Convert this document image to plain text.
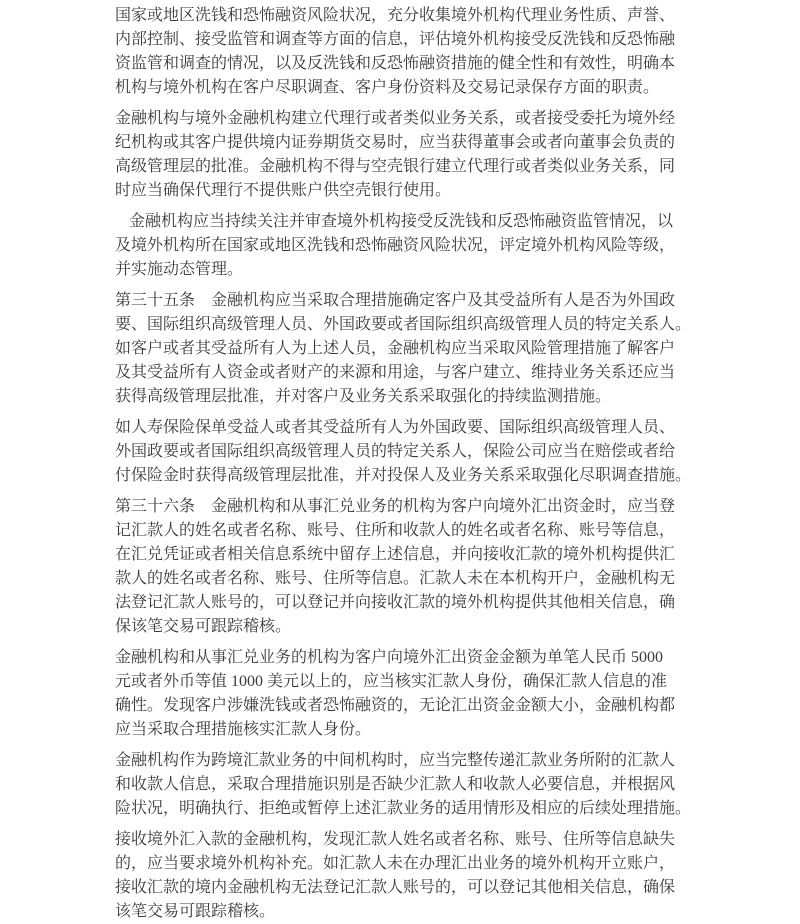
国家或地区洗钱和恐怖融资风险状况，充分收集境外机构代理业务性质、声誉、
内部控制、接受监管和调查等方面的信息，评估境外机构接受反洗钱和反恐怖融
资监管和调查的情况，以及反洗钱和反恐怖融资措施的健全性和有效性，明确本
机构与境外机构在客户尽职调查、客户身份资料及交易记录保存方面的职责。

金融机构与境外金融机构建立代理行或者类似业务关系，或者接受委托为境外经
纪机构或其客户提供境内证券期货交易时，应当获得董事会或者向董事会负责的
高级管理层的批准。金融机构不得与空壳银行建立代理行或者类似业务关系，同
时应当确保代理行不提供账户供空壳银行使用。

金融机构应当持续关注并审查境外机构接受反洗钱和反恐怖融资监管情况，以
及境外机构所在国家或地区洗钱和恐怖融资风险状况，评定境外机构风险等级，
并实施动态管理。

第三十五条　金融机构应当采取合理措施确定客户及其受益所有人是否为外国政
要、国际组织高级管理人员、外国政要或者国际组织高级管理人员的特定关系人。
如客户或者其受益所有人为上述人员，金融机构应当采取风险管理措施了解客户
及其受益所有人资金或者财产的来源和用途，与客户建立、维持业务关系还应当
获得高级管理层批准，并对客户及业务关系采取强化的持续监测措施。

如人寿保险保单受益人或者其受益所有人为外国政要、国际组织高级管理人员、
外国政要或者国际组织高级管理人员的特定关系人，保险公司应当在赔偿或者给
付保险金时获得高级管理层批准，并对投保人及业务关系采取强化尽职调查措施。

第三十六条　金融机构和从事汇兑业务的机构为客户向境外汇出资金时，应当登
记汇款人的姓名或者名称、账号、住所和收款人的姓名或者名称、账号等信息，
在汇兑凭证或者相关信息系统中留存上述信息，并向接收汇款的境外机构提供汇
款人的姓名或者名称、账号、住所等信息。汇款人未在本机构开户，金融机构无
法登记汇款人账号的，可以登记并向接收汇款的境外机构提供其他相关信息，确
保该笔交易可跟踪稽核。

金融机构和从事汇兑业务的机构为客户向境外汇出资金金额为单笔人民币 5000
元或者外币等值 1000 美元以上的，应当核实汇款人身份，确保汇款人信息的准
确性。发现客户涉嫌洗钱或者恐怖融资的，无论汇出资金金额大小，金融机构都
应当采取合理措施核实汇款人身份。

金融机构作为跨境汇款业务的中间机构时，应当完整传递汇款业务所附的汇款人
和收款人信息，采取合理措施识别是否缺少汇款人和收款人必要信息，并根据风
险状况，明确执行、拒绝或暂停上述汇款业务的适用情形及相应的后续处理措施。

接收境外汇入款的金融机构，发现汇款人姓名或者名称、账号、住所等信息缺失
的，应当要求境外机构补充。如汇款人未在办理汇出业务的境外机构开立账户，
接收汇款的境内金融机构无法登记汇款人账号的，可以登记其他相关信息，确保
该笔交易可跟踪稽核。
